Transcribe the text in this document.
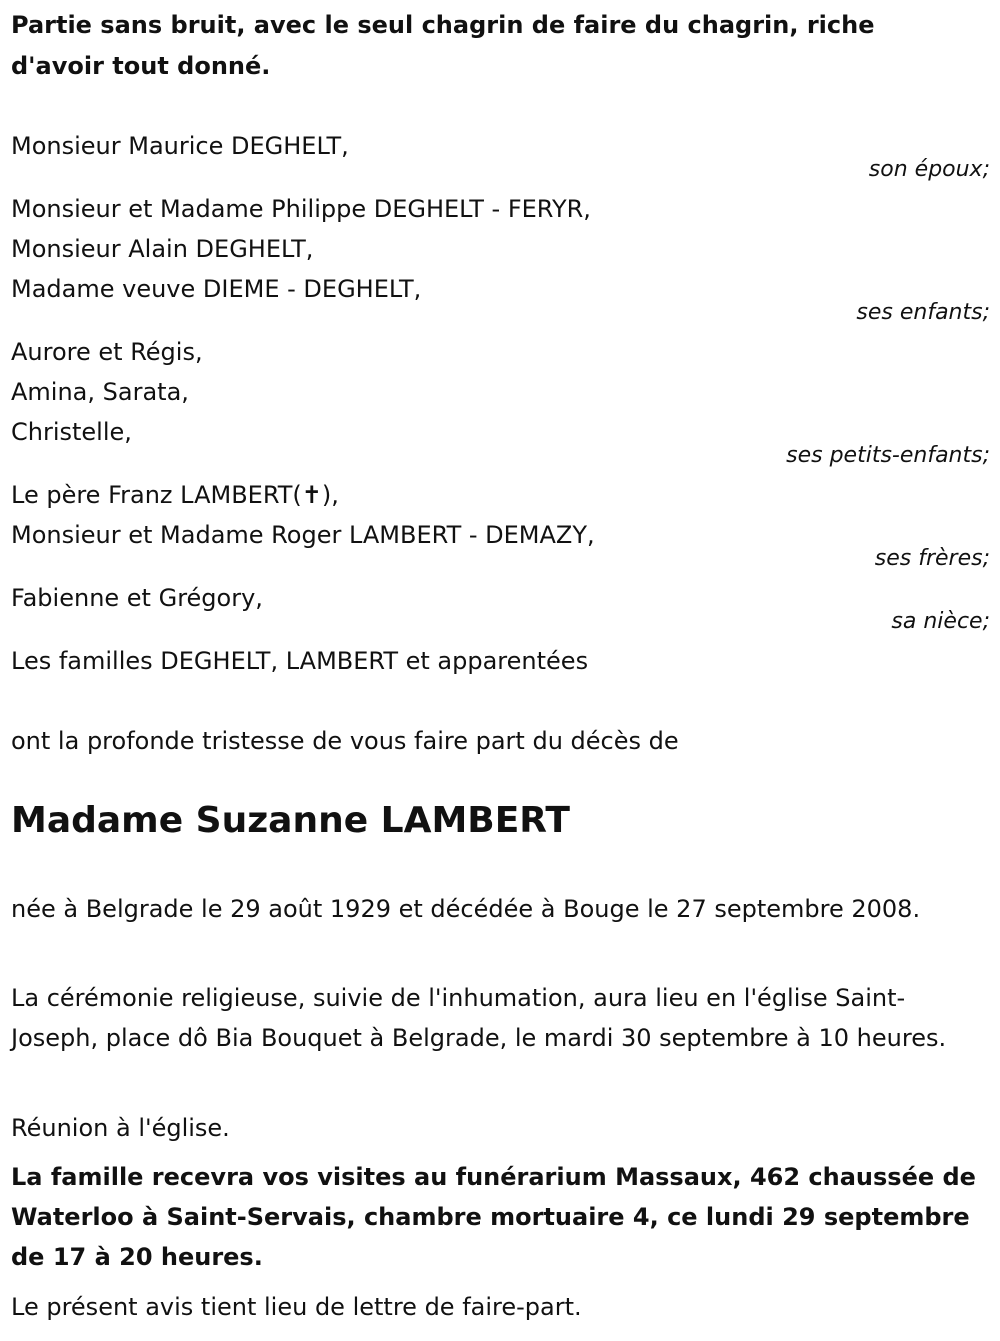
Partie sans bruit, avec le seul chagrin de faire du chagrin, riche d'avoir tout donné.

Monsieur Maurice DEGHELT,
son époux;
Monsieur et Madame Philippe DEGHELT - FERYR,
Monsieur Alain DEGHELT,
Madame veuve DIEME - DEGHELT,
ses enfants;
Aurore et Régis,
Amina, Sarata,
Christelle,
ses petits-enfants;
Le père Franz LAMBERT(✝),
Monsieur et Madame Roger LAMBERT - DEMAZY,
ses frères;
Fabienne et Grégory,
sa nièce;
Les familles DEGHELT, LAMBERT et apparentées
ont la profonde tristesse de vous faire part du décès de
Madame Suzanne LAMBERT

née à Belgrade le 29 août 1929 et décédée à Bouge le 27 septembre 2008.

La cérémonie religieuse, suivie de l'inhumation, aura lieu en l'église Saint-Joseph, place dô Bia Bouquet à Belgrade, le mardi 30 septembre à 10 heures.

Réunion à l'église.

La famille recevra vos visites au funérarium Massaux, 462 chaussée de Waterloo à Saint-Servais, chambre mortuaire 4, ce lundi 29 septembre de 17 à 20 heures.

Le présent avis tient lieu de lettre de faire-part.
